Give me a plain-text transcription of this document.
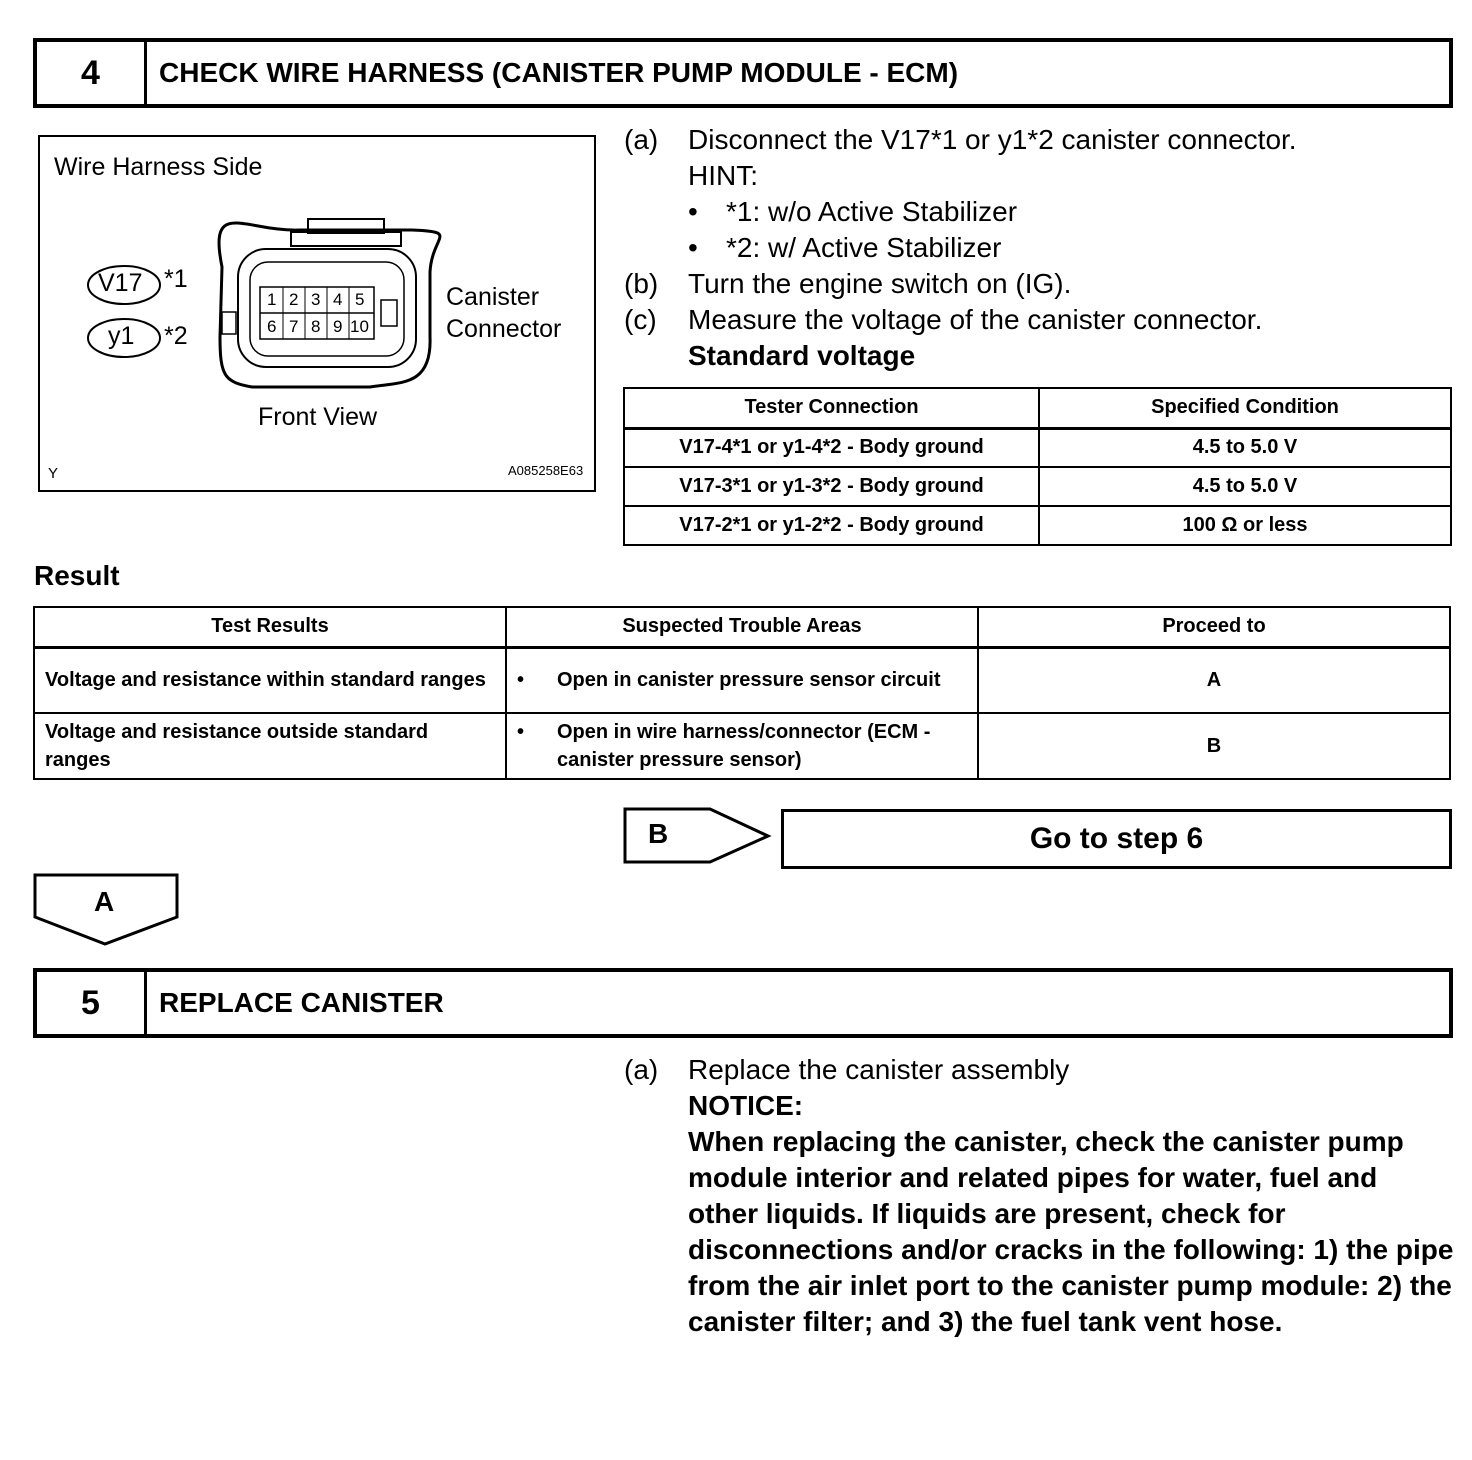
4	CHECK WIRE HARNESS (CANISTER PUMP MODULE - ECM)
Wire Harness Side
V17 *1
y1 *2
1 2 3 4 5
6 7 8 9 10
Canister
Connector
Front View
Y	A085258E63
(a)	Disconnect the V17*1 or y1*2 canister connector.
HINT:
•	*1: w/o Active Stabilizer
•	*2: w/ Active Stabilizer
(b)	Turn the engine switch on (IG).
(c)	Measure the voltage of the canister connector.
Standard voltage
Tester Connection	Specified Condition
V17-4*1 or y1-4*2 - Body ground	4.5 to 5.0 V
V17-3*1 or y1-3*2 - Body ground	4.5 to 5.0 V
V17-2*1 or y1-2*2 - Body ground	100 Ω or less
Result
Test Results	Suspected Trouble Areas	Proceed to
Voltage and resistance within standard ranges	• Open in canister pressure sensor circuit	A
Voltage and resistance outside standard ranges	• Open in wire harness/connector (ECM - canister pressure sensor)	B
B	Go to step 6
A
5	REPLACE CANISTER
(a)	Replace the canister assembly
NOTICE:
When replacing the canister, check the canister pump module interior and related pipes for water, fuel and other liquids. If liquids are present, check for disconnections and/or cracks in the following: 1) the pipe from the air inlet port to the canister pump module: 2) the canister filter; and 3) the fuel tank vent hose.
